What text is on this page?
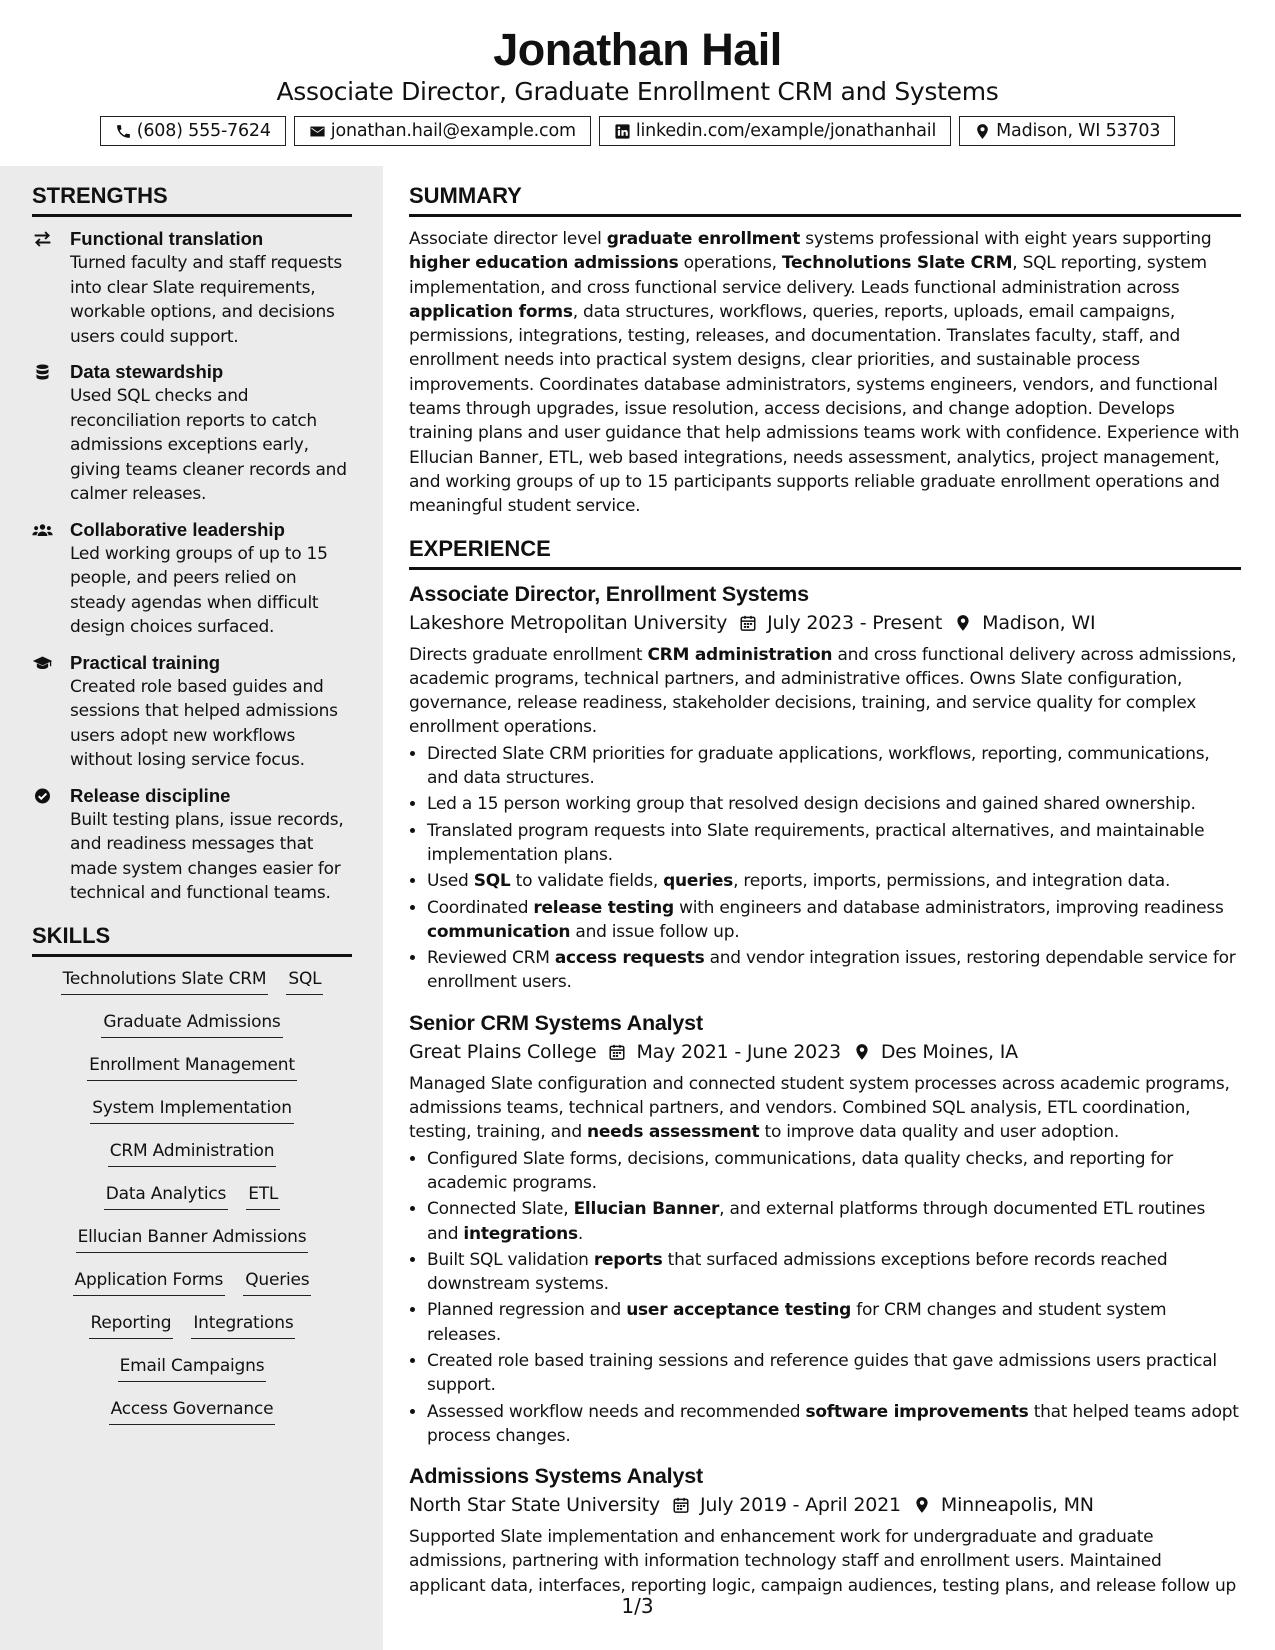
Jonathan Hail
Associate Director, Graduate Enrollment CRM and Systems
(608) 555-7624	jonathan.hail@example.com	linkedin.com/example/jonathanhail	Madison, WI 53703
STRENGTHS
Functional translation
Turned faculty and staff requests into clear Slate requirements, workable options, and decisions users could support.
Data stewardship
Used SQL checks and reconciliation reports to catch admissions exceptions early, giving teams cleaner records and calmer releases.
Collaborative leadership
Led working groups of up to 15 people, and peers relied on steady agendas when difficult design choices surfaced.
Practical training
Created role based guides and sessions that helped admissions users adopt new workflows without losing service focus.
Release discipline
Built testing plans, issue records, and readiness messages that made system changes easier for technical and functional teams.
SKILLS
Technolutions Slate CRM SQL
Graduate Admissions
Enrollment Management
System Implementation
CRM Administration
Data Analytics ETL
Ellucian Banner Admissions
Application Forms Queries
Reporting Integrations
Email Campaigns
Access Governance
SUMMARY
Associate director level graduate enrollment systems professional with eight years supporting higher education admissions operations, Technolutions Slate CRM, SQL reporting, system implementation, and cross functional service delivery. Leads functional administration across application forms, data structures, workflows, queries, reports, uploads, email campaigns, permissions, integrations, testing, releases, and documentation. Translates faculty, staff, and enrollment needs into practical system designs, clear priorities, and sustainable process improvements. Coordinates database administrators, systems engineers, vendors, and functional teams through upgrades, issue resolution, access decisions, and change adoption. Develops training plans and user guidance that help admissions teams work with confidence. Experience with Ellucian Banner, ETL, web based integrations, needs assessment, analytics, project management, and working groups of up to 15 participants supports reliable graduate enrollment operations and meaningful student service.
EXPERIENCE
Associate Director, Enrollment Systems
Lakeshore Metropolitan University July 2023 - Present Madison, WI
Directs graduate enrollment CRM administration and cross functional delivery across admissions, academic programs, technical partners, and administrative offices. Owns Slate configuration, governance, release readiness, stakeholder decisions, training, and service quality for complex enrollment operations.
• Directed Slate CRM priorities for graduate applications, workflows, reporting, communications, and data structures.
• Led a 15 person working group that resolved design decisions and gained shared ownership.
• Translated program requests into Slate requirements, practical alternatives, and maintainable implementation plans.
• Used SQL to validate fields, queries, reports, imports, permissions, and integration data.
• Coordinated release testing with engineers and database administrators, improving readiness communication and issue follow up.
• Reviewed CRM access requests and vendor integration issues, restoring dependable service for enrollment users.
Senior CRM Systems Analyst
Great Plains College May 2021 - June 2023 Des Moines, IA
Managed Slate configuration and connected student system processes across academic programs, admissions teams, technical partners, and vendors. Combined SQL analysis, ETL coordination, testing, training, and needs assessment to improve data quality and user adoption.
• Configured Slate forms, decisions, communications, data quality checks, and reporting for academic programs.
• Connected Slate, Ellucian Banner, and external platforms through documented ETL routines and integrations.
• Built SQL validation reports that surfaced admissions exceptions before records reached downstream systems.
• Planned regression and user acceptance testing for CRM changes and student system releases.
• Created role based training sessions and reference guides that gave admissions users practical support.
• Assessed workflow needs and recommended software improvements that helped teams adopt process changes.
Admissions Systems Analyst
North Star State University July 2019 - April 2021 Minneapolis, MN
Supported Slate implementation and enhancement work for undergraduate and graduate admissions, partnering with information technology staff and enrollment users. Maintained applicant data, interfaces, reporting logic, campaign audiences, testing plans, and release follow up
1/3
